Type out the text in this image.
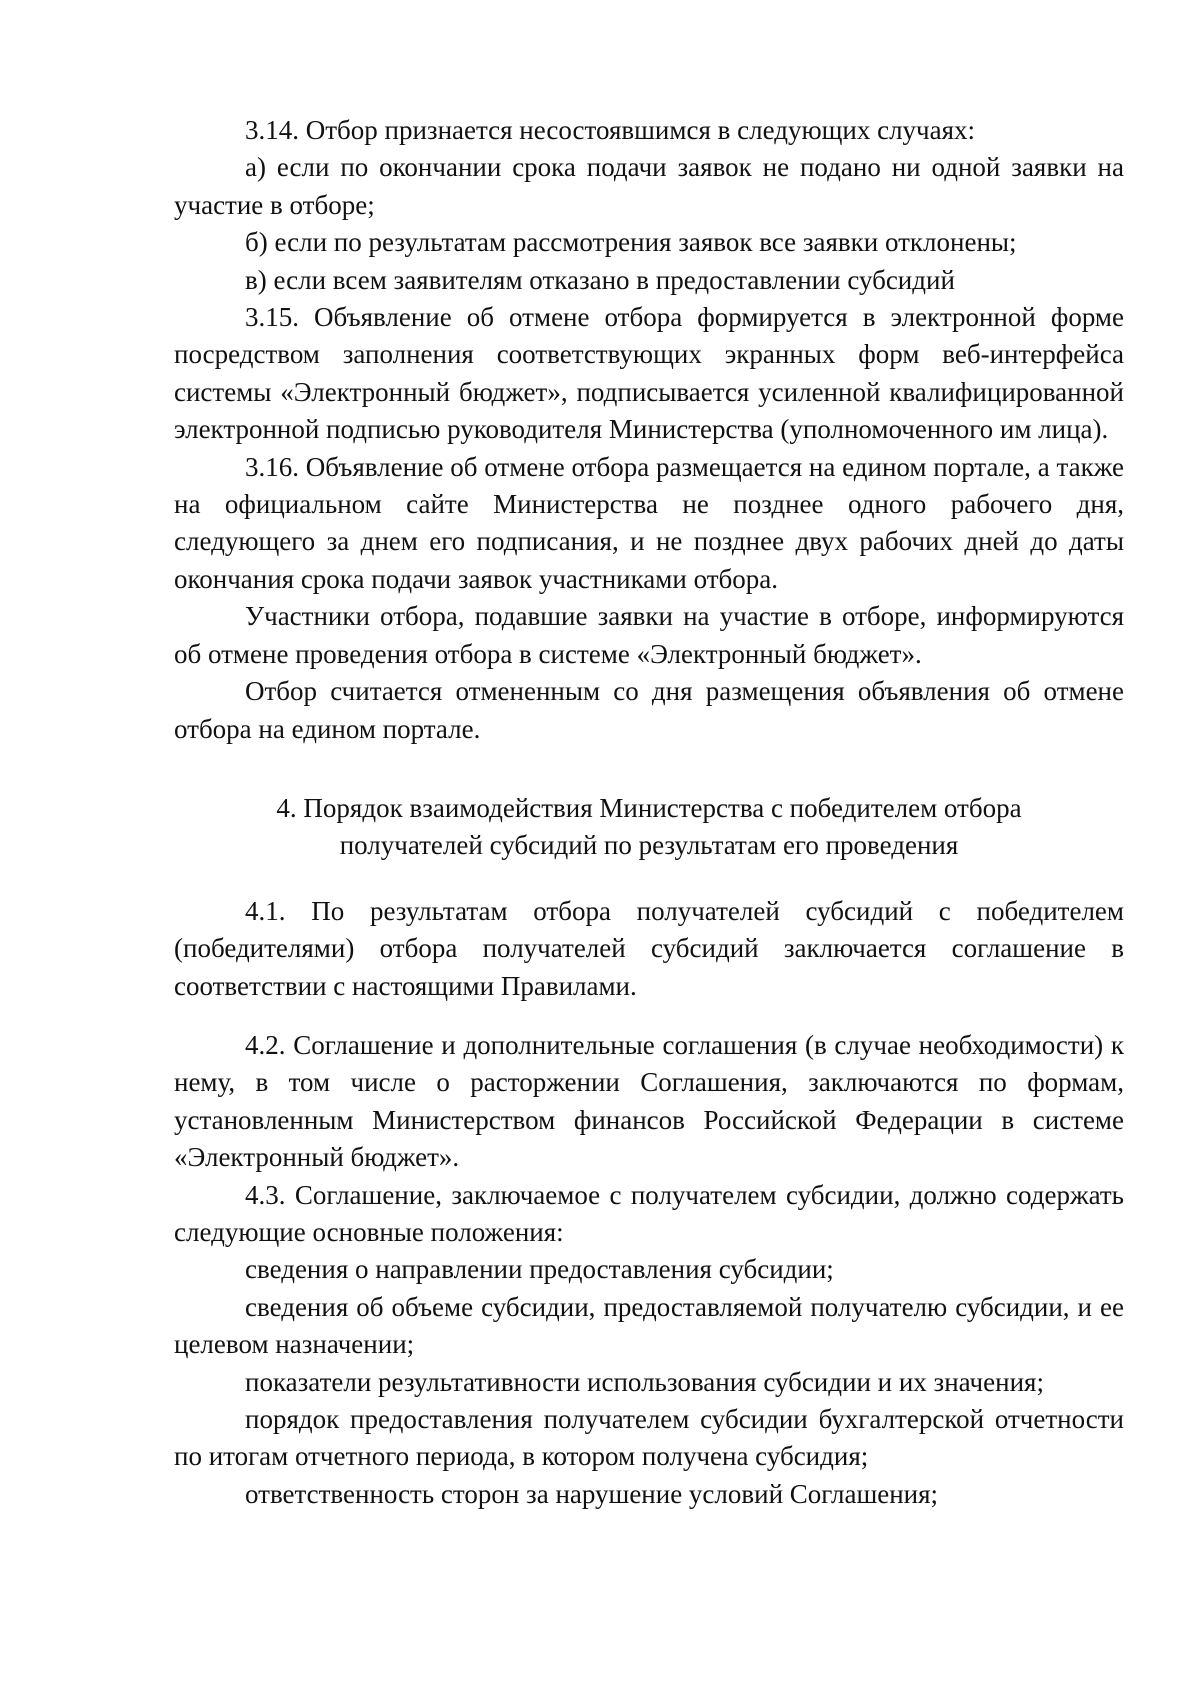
3.14. Отбор признается несостоявшимся в следующих случаях:

а) если по окончании срока подачи заявок не подано ни одной заявки на участие в отборе;

б) если по результатам рассмотрения заявок все заявки отклонены;

в) если всем заявителям отказано в предоставлении субсидий

3.15. Объявление об отмене отбора формируется в электронной форме посредством заполнения соответствующих экранных форм веб-интерфейса системы «Электронный бюджет», подписывается усиленной квалифицированной электронной подписью руководителя Министерства (уполномоченного им лица).

3.16. Объявление об отмене отбора размещается на едином портале, а также на официальном сайте Министерства не позднее одного рабочего дня, следующего за днем его подписания, и не позднее двух рабочих дней до даты окончания срока подачи заявок участниками отбора.

Участники отбора, подавшие заявки на участие в отборе, информируются об отмене проведения отбора в системе «Электронный бюджет».

Отбор считается отмененным со дня размещения объявления об отмене отбора на едином портале.

4. Порядок взаимодействия Министерства с победителем отбора

получателей субсидий по результатам его проведения

4.1. По результатам отбора получателей субсидий с победителем (победителями) отбора получателей субсидий заключается соглашение в соответствии с настоящими Правилами.

4.2. Соглашение и дополнительные соглашения (в случае необходимости) к нему, в том числе о расторжении Соглашения, заключаются по формам, установленным Министерством финансов Российской Федерации в системе «Электронный бюджет».

4.3. Соглашение, заключаемое с получателем субсидии, должно содержать следующие основные положения:

сведения о направлении предоставления субсидии;

сведения об объеме субсидии, предоставляемой получателю субсидии, и ее целевом назначении;

показатели результативности использования субсидии и их значения;

порядок предоставления получателем субсидии бухгалтерской отчетности по итогам отчетного периода, в котором получена субсидия;

ответственность сторон за нарушение условий Соглашения;
